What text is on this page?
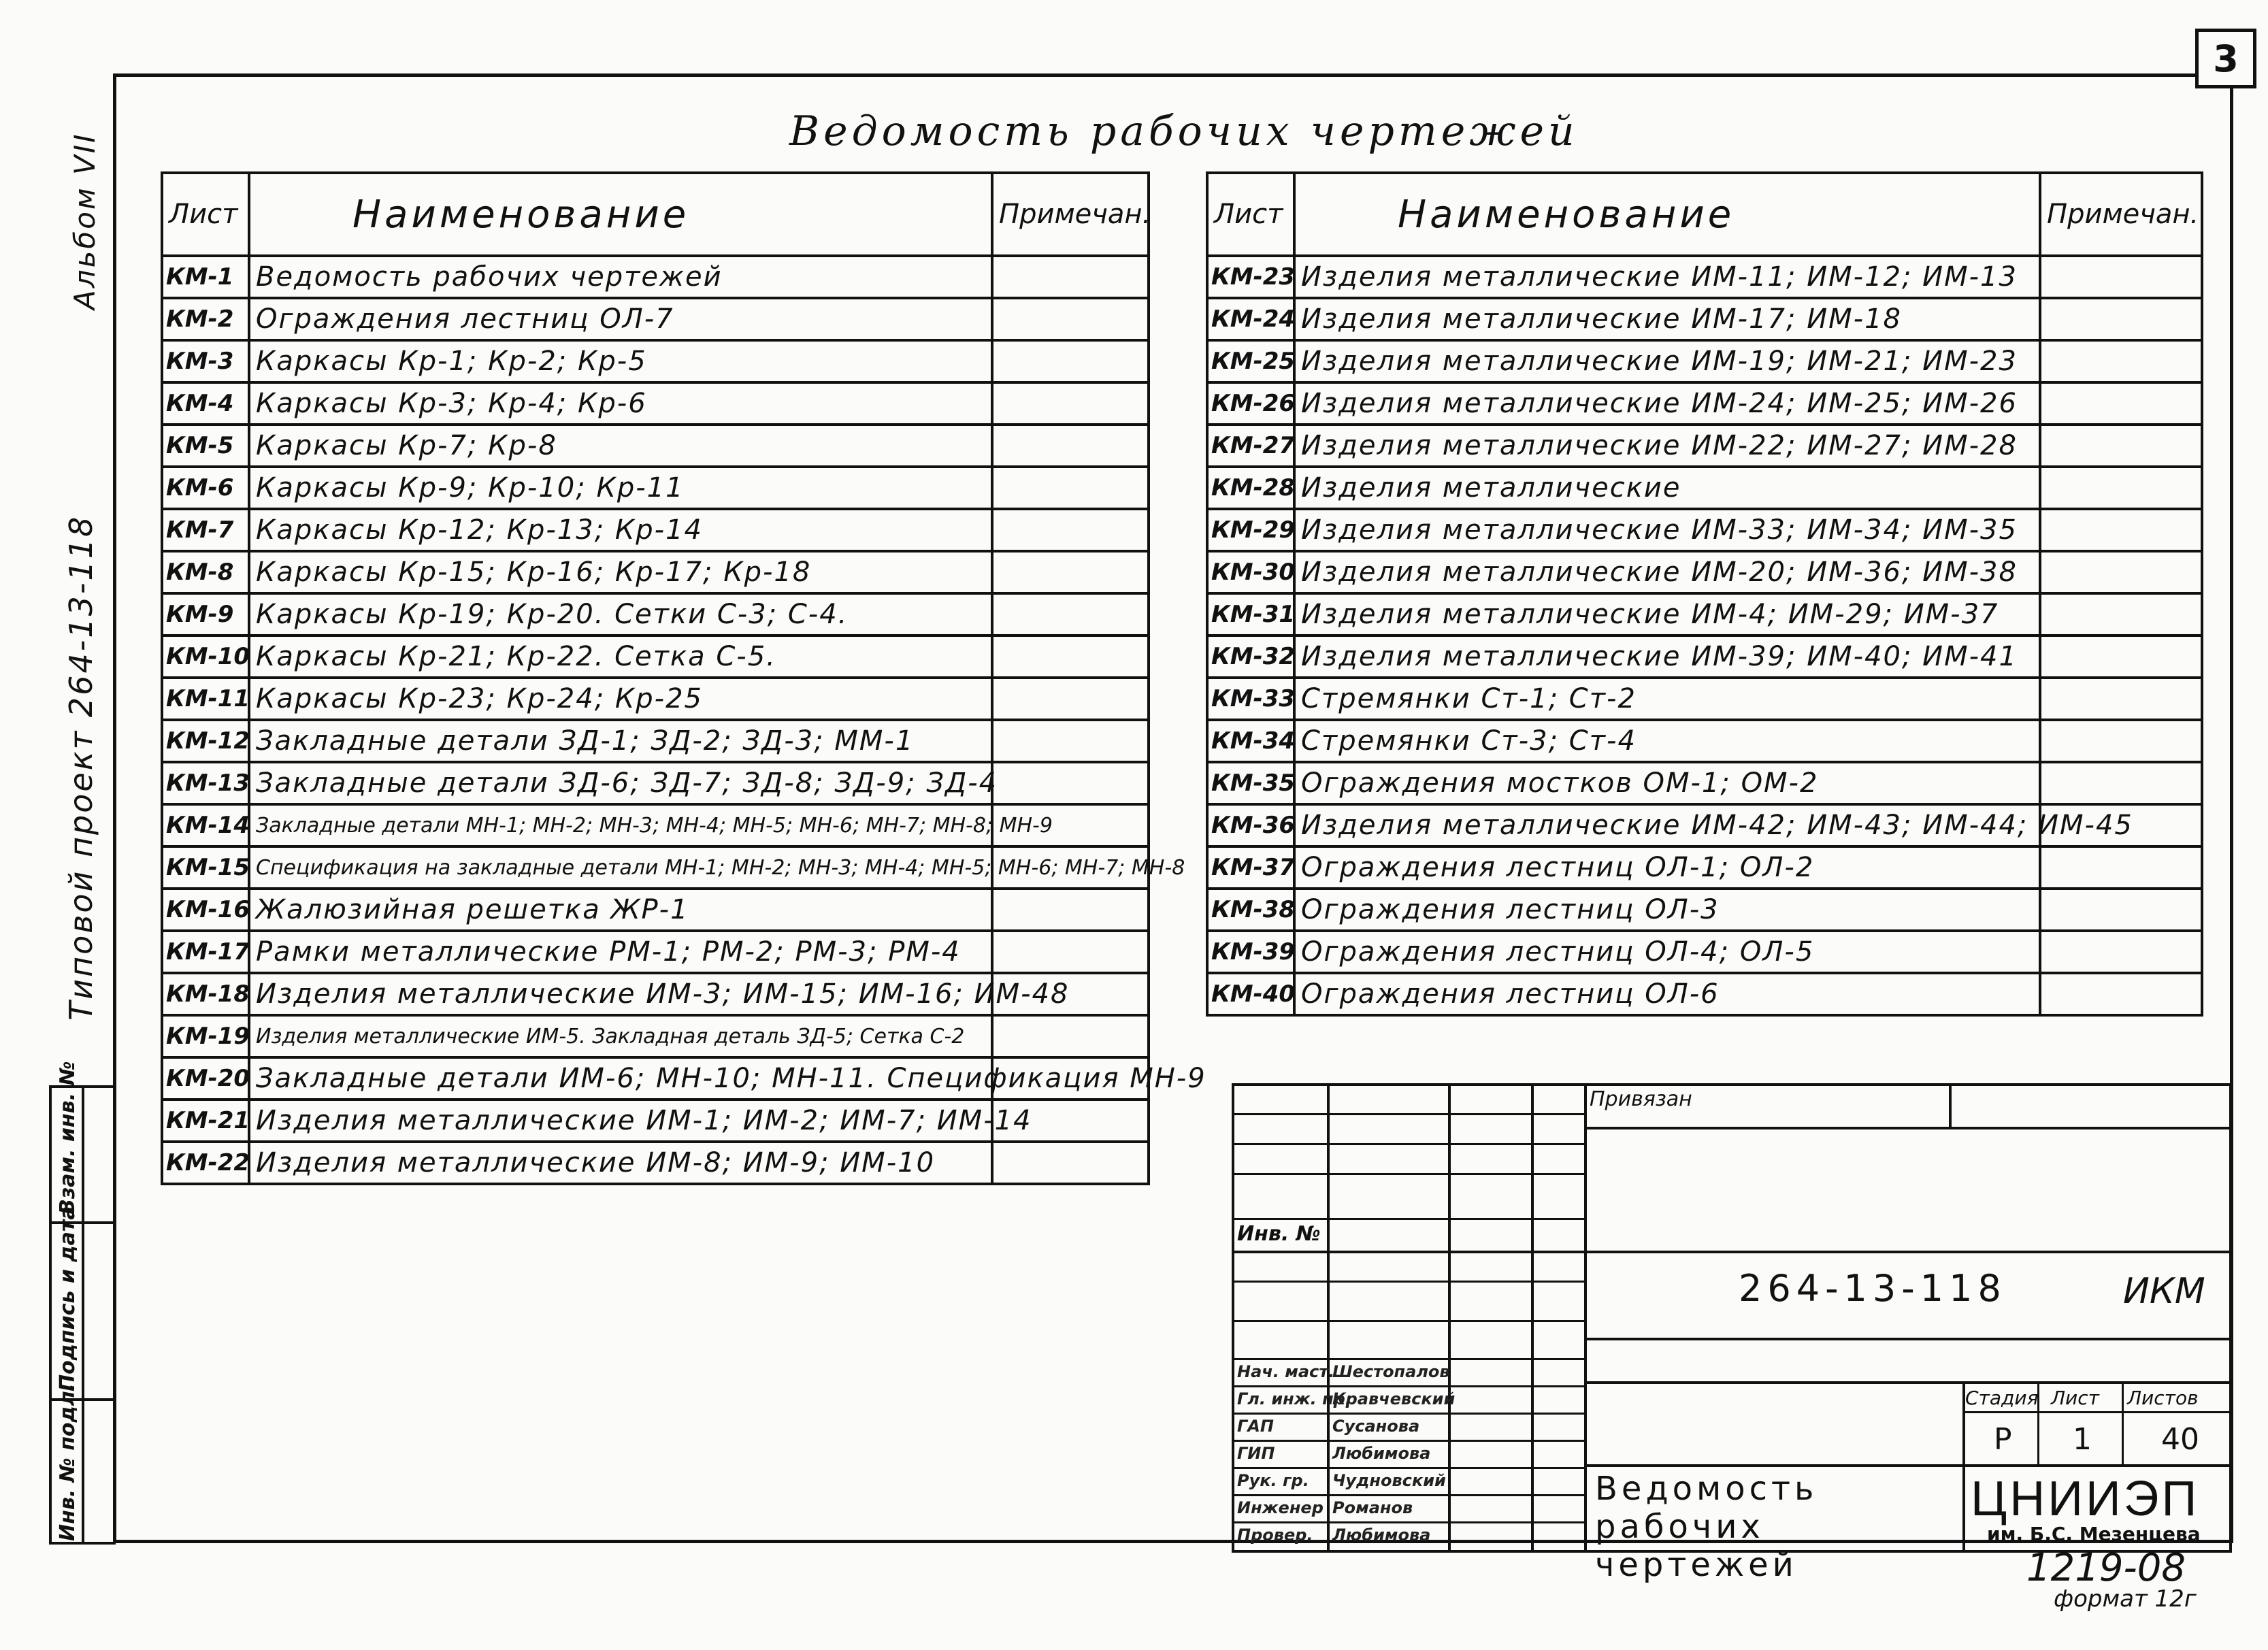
3
Альбом VII
Типовой проект 264-13-118
Инв. № подл.
Подпись и дата
Взам. инв. №
Ведомость рабочих чертежей
Лист	Наименование	Примечан.
КМ-1	Ведомость рабочих чертежей	
КМ-2	Ограждения лестниц ОЛ-7	
КМ-3	Каркасы Кр-1; Кр-2; Кр-5	
КМ-4	Каркасы Кр-3; Кр-4; Кр-6	
КМ-5	Каркасы Кр-7; Кр-8	
КМ-6	Каркасы Кр-9; Кр-10; Кр-11	
КМ-7	Каркасы Кр-12; Кр-13; Кр-14	
КМ-8	Каркасы Кр-15; Кр-16; Кр-17; Кр-18	
КМ-9	Каркасы Кр-19; Кр-20. Сетки С-3; С-4.	
КМ-10	Каркасы Кр-21; Кр-22. Сетка С-5.	
КМ-11	Каркасы Кр-23; Кр-24; Кр-25	
КМ-12	Закладные детали ЗД-1; ЗД-2; ЗД-3; ММ-1	
КМ-13	Закладные детали ЗД-6; ЗД-7; ЗД-8; ЗД-9; ЗД-4	
КМ-14	Закладные детали МН-1; МН-2; МН-3; МН-4; МН-5; МН-6; МН-7; МН-8; МН-9	
КМ-15	Спецификация на закладные детали МН-1; МН-2; МН-3; МН-4; МН-5; МН-6; МН-7; МН-8	
КМ-16	Жалюзийная решетка ЖР-1	
КМ-17	Рамки металлические РМ-1; РМ-2; РМ-3; РМ-4	
КМ-18	Изделия металлические ИМ-3; ИМ-15; ИМ-16; ИМ-48	
КМ-19	Изделия металлические ИМ-5. Закладная деталь ЗД-5; Сетка С-2	
КМ-20	Закладные детали ИМ-6; МН-10; МН-11. Спецификация МН-9	
КМ-21	Изделия металлические ИМ-1; ИМ-2; ИМ-7; ИМ-14	
КМ-22	Изделия металлические ИМ-8; ИМ-9; ИМ-10	
Лист	Наименование	Примечан.
КМ-23	Изделия металлические ИМ-11; ИМ-12; ИМ-13	
КМ-24	Изделия металлические ИМ-17; ИМ-18	
КМ-25	Изделия металлические ИМ-19; ИМ-21; ИМ-23	
КМ-26	Изделия металлические ИМ-24; ИМ-25; ИМ-26	
КМ-27	Изделия металлические ИМ-22; ИМ-27; ИМ-28	
КМ-28	Изделия металлические	
КМ-29	Изделия металлические ИМ-33; ИМ-34; ИМ-35	
КМ-30	Изделия металлические ИМ-20; ИМ-36; ИМ-38	
КМ-31	Изделия металлические ИМ-4; ИМ-29; ИМ-37	
КМ-32	Изделия металлические ИМ-39; ИМ-40; ИМ-41	
КМ-33	Стремянки Ст-1; Ст-2	
КМ-34	Стремянки Ст-3; Ст-4	
КМ-35	Ограждения мостков ОМ-1; ОМ-2	
КМ-36	Изделия металлические ИМ-42; ИМ-43; ИМ-44; ИМ-45	
КМ-37	Ограждения лестниц ОЛ-1; ОЛ-2	
КМ-38	Ограждения лестниц ОЛ-3	
КМ-39	Ограждения лестниц ОЛ-4; ОЛ-5	
КМ-40	Ограждения лестниц ОЛ-6	
Нач. маст.
Шестопалов
Гл. инж. пр.
Кравчевский
ГАП	Сусанова
ГИП	Любимова
Рук. гр. Чудновский
Инженер Романов
Провер. Любимова
Привязан
Инв. №
264-13-118	ИКМ
Стадия Лист Листов
Р 1 40
Ведомость рабочих чертежей
ЦНИИЭП
им. Б.С. Мезенцева
1219-08
формат 12г
